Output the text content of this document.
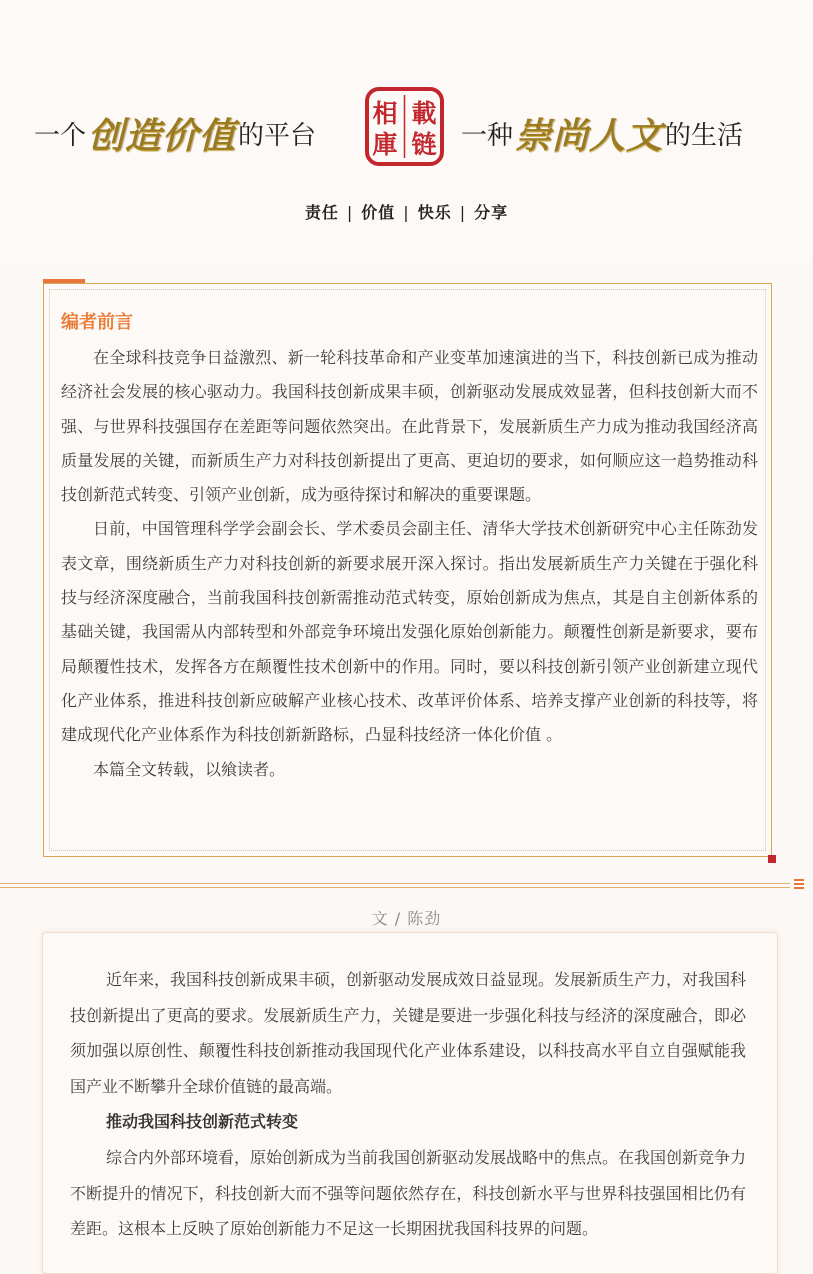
一个 创造价值 的平台
載
链
相
庫 一种 崇尚人文 的生活
责任 | 价值 | 快乐 | 分享
编者前言

在全球科技竞争日益激烈、新一轮科技革命和产业变革加速演进的当下，科技创新已成为推动经济社会发展的核心驱动力。我国科技创新成果丰硕，创新驱动发展成效显著，但科技创新大而不强、与世界科技强国存在差距等问题依然突出。在此背景下，发展新质生产力成为推动我国经济高质量发展的关键，而新质生产力对科技创新提出了更高、更迫切的要求，如何顺应这一趋势推动科技创新范式转变、引领产业创新，成为亟待探讨和解决的重要课题。

日前，中国管理科学学会副会长、学术委员会副主任、清华大学技术创新研究中心主任陈劲发表文章，围绕新质生产力对科技创新的新要求展开深入探讨。指出发展新质生产力关键在于强化科技与经济深度融合，当前我国科技创新需推动范式转变，原始创新成为焦点，其是自主创新体系的基础关键，我国需从内部转型和外部竞争环境出发强化原始创新能力。颠覆性创新是新要求，要布局颠覆性技术，发挥各方在颠覆性技术创新中的作用。同时，要以科技创新引领产业创新建立现代化产业体系，推进科技创新应破解产业核心技术、改革评价体系、培养支撑产业创新的科技等，将建成现代化产业体系作为科技创新新路标，凸显科技经济一体化价值 。

本篇全文转载，以飨读者。

文 / 陈劲

近年来，我国科技创新成果丰硕，创新驱动发展成效日益显现。发展新质生产力，对我国科技创新提出了更高的要求。发展新质生产力，关键是要进一步强化科技与经济的深度融合，即必须加强以原创性、颠覆性科技创新推动我国现代化产业体系建设，以科技高水平自立自强赋能我国产业不断攀升全球价值链的最高端。

推动我国科技创新范式转变

综合内外部环境看，原始创新成为当前我国创新驱动发展战略中的焦点。在我国创新竞争力不断提升的情况下，科技创新大而不强等问题依然存在，科技创新水平与世界科技强国相比仍有差距。这根本上反映了原始创新能力不足这一长期困扰我国科技界的问题。
